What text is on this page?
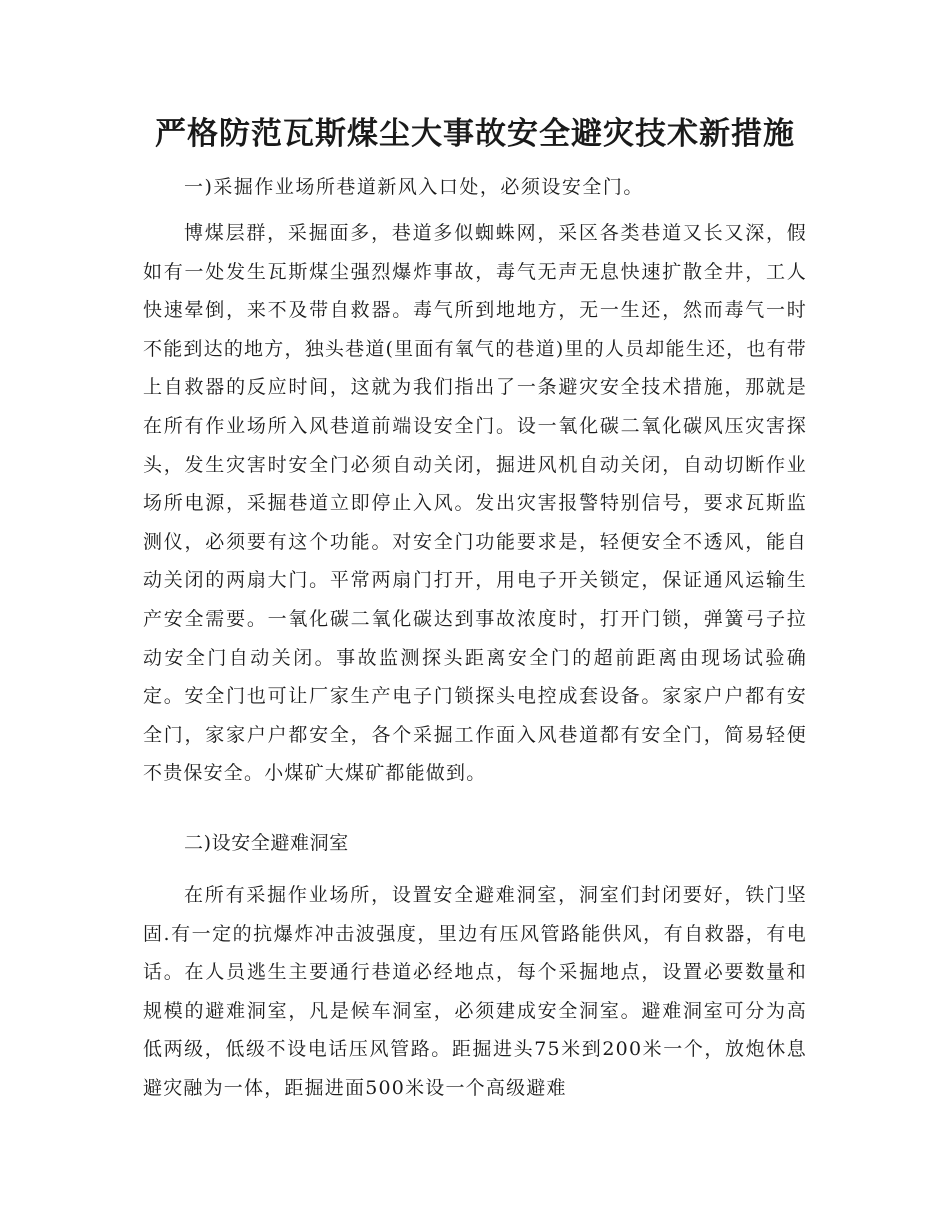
严格防范瓦斯煤尘大事故安全避灾技术新措施

一)采掘作业场所巷道新风入口处，必须设安全门。

博煤层群，采掘面多，巷道多似蜘蛛网，采区各类巷道又长又深，假如有一处发生瓦斯煤尘强烈爆炸事故，毒气无声无息快速扩散全井，工人快速晕倒，来不及带自救器。毒气所到地地方，无一生还，然而毒气一时不能到达的地方，独头巷道(里面有氧气的巷道)里的人员却能生还，也有带上自救器的反应时间，这就为我们指出了一条避灾安全技术措施，那就是在所有作业场所入风巷道前端设安全门。设一氧化碳二氧化碳风压灾害探头，发生灾害时安全门必须自动关闭，掘进风机自动关闭，自动切断作业场所电源，采掘巷道立即停止入风。发出灾害报警特别信号，要求瓦斯监测仪，必须要有这个功能。对安全门功能要求是，轻便安全不透风，能自动关闭的两扇大门。平常两扇门打开，用电子开关锁定，保证通风运输生产安全需要。一氧化碳二氧化碳达到事故浓度时，打开门锁，弹簧弓子拉动安全门自动关闭。事故监测探头距离安全门的超前距离由现场试验确定。安全门也可让厂家生产电子门锁探头电控成套设备。家家户户都有安全门，家家户户都安全，各个采掘工作面入风巷道都有安全门，简易轻便不贵保安全。小煤矿大煤矿都能做到。

二)设安全避难洞室

在所有采掘作业场所，设置安全避难洞室，洞室们封闭要好，铁门坚固.有一定的抗爆炸冲击波强度，里边有压风管路能供风，有自救器，有电话。在人员逃生主要通行巷道必经地点，每个采掘地点，设置必要数量和规模的避难洞室，凡是候车洞室，必须建成安全洞室。避难洞室可分为高低两级，低级不设电话压风管路。距掘进头75米到200米一个，放炮休息避灾融为一体，距掘进面500米设一个高级避难
